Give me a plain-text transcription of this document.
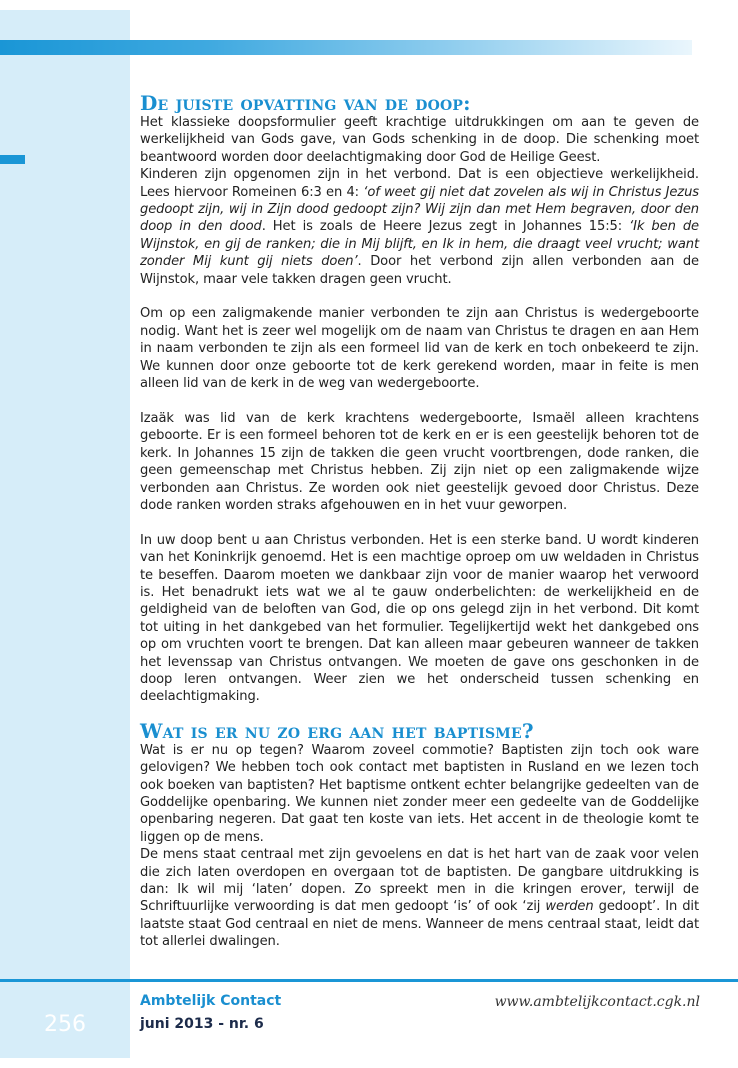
De juiste opvatting van de doop:

Het klassieke doopsformulier geeft krachtige uitdrukkingen om aan te geven de werkelijkheid van Gods gave, van Gods schenking in de doop. Die schenking moet beantwoord worden door deelachtigmaking door God de Heilige Geest.

Kinderen zijn opgenomen zijn in het verbond. Dat is een objectieve werkelijkheid. Lees hiervoor Romeinen 6:3 en 4: ‘of weet gij niet dat zovelen als wij in Christus Jezus gedoopt zijn, wij in Zijn dood gedoopt zijn? Wij zijn dan met Hem begraven, door den doop in den dood. Het is zoals de Heere Jezus zegt in Johannes 15:5: ‘Ik ben de Wijnstok, en gij de ranken; die in Mij blijft, en Ik in hem, die draagt veel vrucht; want zonder Mij kunt gij niets doen’. Door het verbond zijn allen verbonden aan de Wijnstok, maar vele takken dragen geen vrucht.

Om op een zaligmakende manier verbonden te zijn aan Christus is wedergeboorte nodig. Want het is zeer wel mogelijk om de naam van Christus te dragen en aan Hem in naam verbonden te zijn als een formeel lid van de kerk en toch onbekeerd te zijn. We kunnen door onze geboorte tot de kerk gerekend worden, maar in feite is men alleen lid van de kerk in de weg van wedergeboorte.

Izaäk was lid van de kerk krachtens wedergeboorte, Ismaël alleen krachtens geboorte. Er is een formeel behoren tot de kerk en er is een geestelijk behoren tot de kerk. In Johannes 15 zijn de takken die geen vrucht voortbrengen, dode ranken, die geen gemeenschap met Christus hebben. Zij zijn niet op een zaligmakende wijze verbonden aan Christus. Ze worden ook niet geestelijk gevoed door Christus. Deze dode ranken worden straks afgehouwen en in het vuur geworpen.

In uw doop bent u aan Christus verbonden. Het is een sterke band. U wordt kinderen van het Koninkrijk genoemd. Het is een machtige oproep om uw weldaden in Christus te beseffen. Daarom moeten we dankbaar zijn voor de manier waarop het verwoord is. Het benadrukt iets wat we al te gauw onderbelichten: de werkelijkheid en de geldigheid van de beloften van God, die op ons gelegd zijn in het verbond. Dit komt tot uiting in het dankgebed van het formulier. Tegelijkertijd wekt het dankgebed ons op om vruchten voort te brengen. Dat kan alleen maar gebeuren wanneer de takken het levenssap van Christus ontvangen. We moeten de gave ons geschonken in de doop leren ontvangen. Weer zien we het onderscheid tussen schenking en deelachtigmaking.

Wat is er nu zo erg aan het baptisme?

Wat is er nu op tegen? Waarom zoveel commotie? Baptisten zijn toch ook ware gelovigen? We hebben toch ook contact met baptisten in Rusland en we lezen toch ook boeken van baptisten? Het baptisme ontkent echter belangrijke gedeelten van de Goddelijke openbaring. We kunnen niet zonder meer een gedeelte van de Goddelijke openbaring negeren. Dat gaat ten koste van iets. Het accent in de theologie komt te liggen op de mens.

De mens staat centraal met zijn gevoelens en dat is het hart van de zaak voor velen die zich laten overdopen en overgaan tot de baptisten. De gangbare uitdrukking is dan: Ik wil mij ‘laten’ dopen. Zo spreekt men in die kringen erover, terwijl de Schriftuurlijke verwoording is dat men gedoopt ‘is’ of ook ‘zij werden gedoopt’. In dit laatste staat God centraal en niet de mens. Wanneer de mens centraal staat, leidt dat tot allerlei dwalingen.

256
Ambtelijk Contact
juni 2013 - nr. 6
www.ambtelijkcontact.cgk.nl
